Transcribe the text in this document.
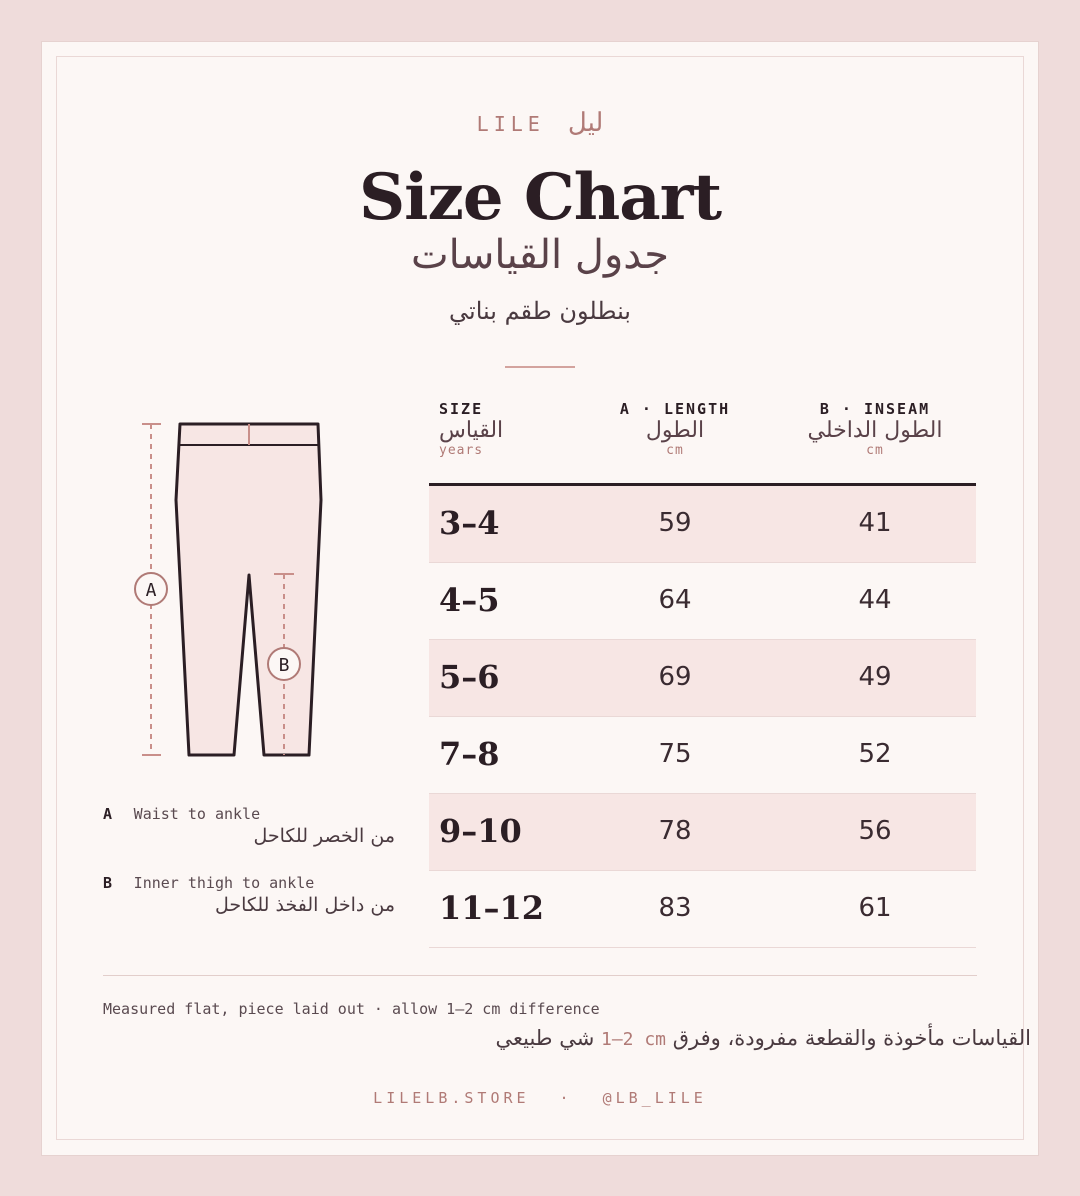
LILE ليل
Size Chart
جدول القياسات
بنطلون طقم بناتي
A
B
A Waist to ankle
من الخصر للكاحل
B Inner thigh to ankle
من داخل الفخذ للكاحل
SIZE
القياس
years
A · LENGTH
الطول
cm
B · INSEAM
الطول الداخلي
cm
3–4	59	41
4–5	64	44
5–6	69	49
7–8	75	52
9–10	78	56
11–12	83	61
Measured flat, piece laid out · allow 1–2 cm difference
القياسات مأخوذة والقطعة مفرودة، وفرق 1–2 cm شي طبيعي
LILELB.STORE · @LB_LILE
